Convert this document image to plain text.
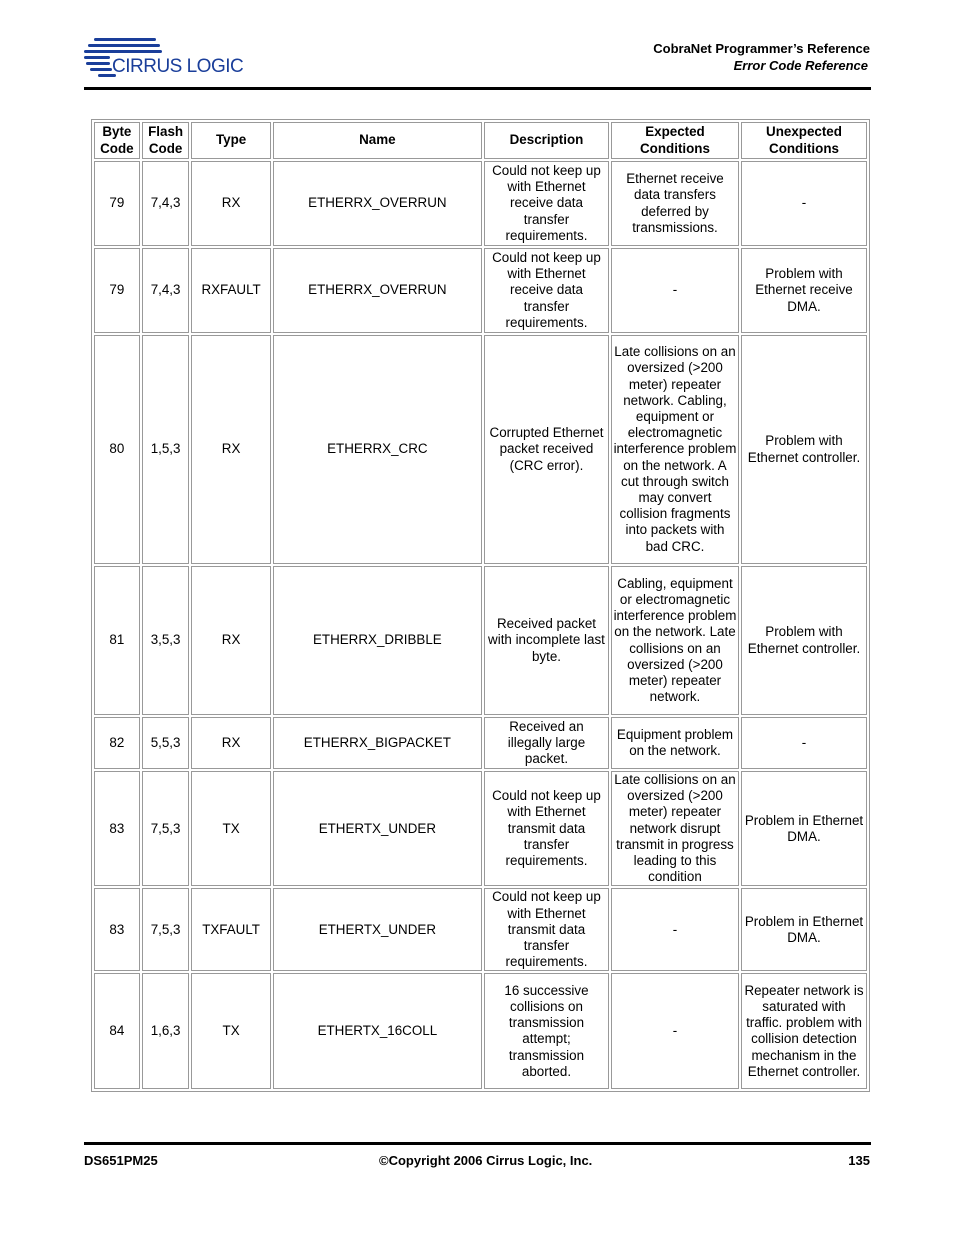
CIRRUS LOGIC
CobraNet Programmer’s Reference
Error Code Reference
Byte Code	Flash Code	Type	Name	Description	Expected Conditions	Unexpected Conditions
79	7,4,3	RX	ETHERRX_OVERRUN	Could not keep up with Ethernet receive data transfer requirements.	Ethernet receive data transfers deferred by transmissions.	-
79	7,4,3	RXFAULT	ETHERRX_OVERRUN	Could not keep up with Ethernet receive data transfer requirements.	-	Problem with Ethernet receive DMA.
80	1,5,3	RX	ETHERRX_CRC	Corrupted Ethernet packet received (CRC error).	Late collisions on an oversized (>200 meter) repeater network. Cabling, equipment or electromagnetic interference problem on the network. A cut through switch may convert collision fragments into packets with bad CRC.	Problem with Ethernet controller.
81	3,5,3	RX	ETHERRX_DRIBBLE	Received packet with incomplete last byte.	Cabling, equipment or electromagnetic interference problem on the network. Late collisions on an oversized (>200 meter) repeater network.	Problem with Ethernet controller.
82	5,5,3	RX	ETHERRX_BIGPACKET	Received an illegally large packet.	Equipment problem on the network.	-
83	7,5,3	TX	ETHERTX_UNDER	Could not keep up with Ethernet transmit data transfer requirements.	Late collisions on an oversized (>200 meter) repeater network disrupt transmit in progress leading to this condition	Problem in Ethernet DMA.
83	7,5,3	TXFAULT	ETHERTX_UNDER	Could not keep up with Ethernet transmit data transfer requirements.	-	Problem in Ethernet DMA.
84	1,6,3	TX	ETHERTX_16COLL	16 successive collisions on transmission attempt; transmission aborted.	-	Repeater network is saturated with traffic. problem with collision detection mechanism in the Ethernet controller.
DS651PM25	©Copyright 2006 Cirrus Logic, Inc.	135
